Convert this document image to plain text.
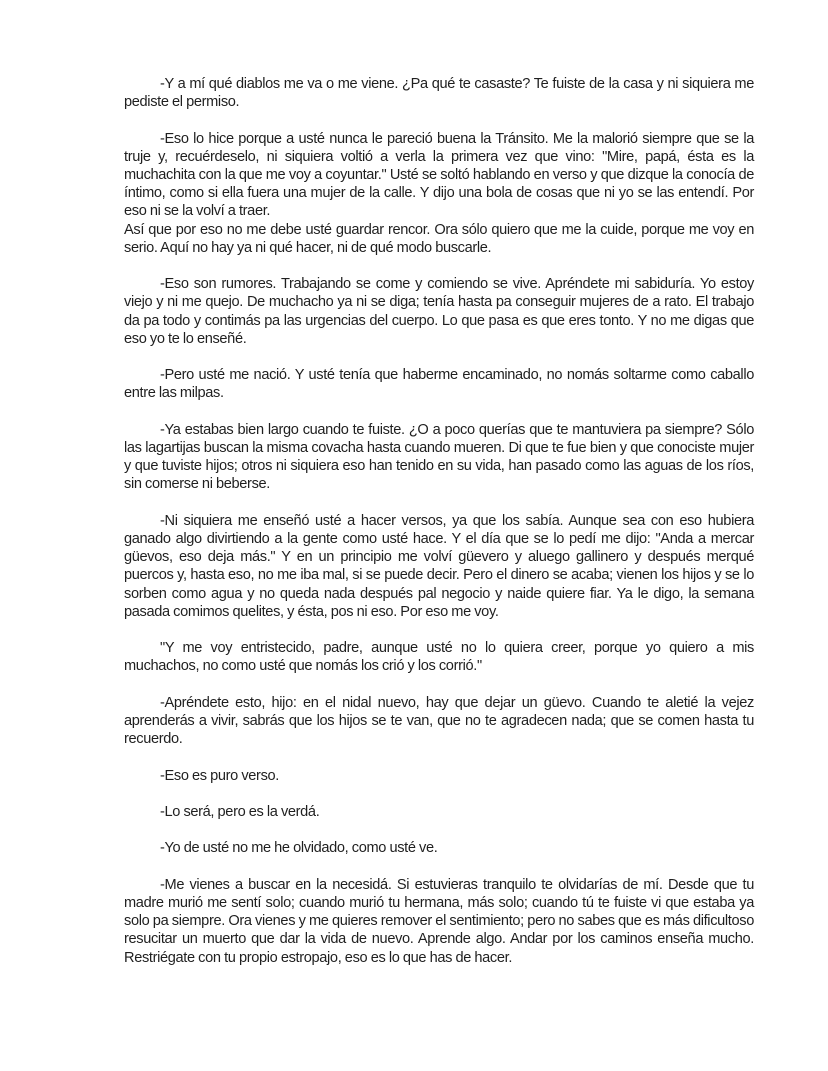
-Y a mí qué diablos me va o me viene. ¿Pa qué te casaste? Te fuiste de la casa y ni siquiera me pediste el permiso.

-Eso lo hice porque a usté nunca le pareció buena la Tránsito. Me la malorió siempre que se la truje y, recuérdeselo, ni siquiera voltió a verla la primera vez que vino: "Mire, papá, ésta es la muchachita con la que me voy a coyuntar." Usté se soltó hablando en verso y que dizque la conocía de íntimo, como si ella fuera una mujer de la calle. Y dijo una bola de cosas que ni yo se las entendí. Por eso ni se la volví a traer.

Así que por eso no me debe usté guardar rencor. Ora sólo quiero que me la cuide, porque me voy en serio. Aquí no hay ya ni qué hacer, ni de qué modo buscarle.

-Eso son rumores. Trabajando se come y comiendo se vive. Apréndete mi sabiduría. Yo estoy viejo y ni me quejo. De muchacho ya ni se diga; tenía hasta pa conseguir mujeres de a rato. El trabajo da pa todo y contimás pa las urgencias del cuerpo. Lo que pasa es que eres tonto. Y no me digas que eso yo te lo enseñé.

-Pero usté me nació. Y usté tenía que haberme encaminado, no nomás soltarme como caballo entre las milpas.

-Ya estabas bien largo cuando te fuiste. ¿O a poco querías que te mantuviera pa siempre? Sólo las lagartijas buscan la misma covacha hasta cuando mueren. Di que te fue bien y que conociste mujer y que tuviste hijos; otros ni siquiera eso han tenido en su vida, han pasado como las aguas de los ríos, sin comerse ni beberse.

-Ni siquiera me enseñó usté a hacer versos, ya que los sabía. Aunque sea con eso hubiera ganado algo divirtiendo a la gente como usté hace. Y el día que se lo pedí me dijo: "Anda a mercar güevos, eso deja más." Y en un principio me volví güevero y aluego gallinero y después merqué puercos y, hasta eso, no me iba mal, si se puede decir. Pero el dinero se acaba; vienen los hijos y se lo sorben como agua y no queda nada después pal negocio y naide quiere fiar. Ya le digo, la semana pasada comimos quelites, y ésta, pos ni eso. Por eso me voy.

"Y me voy entristecido, padre, aunque usté no lo quiera creer, porque yo quiero a mis muchachos, no como usté que nomás los crió y los corrió."

-Apréndete esto, hijo: en el nidal nuevo, hay que dejar un güevo. Cuando te aletié la vejez aprenderás a vivir, sabrás que los hijos se te van, que no te agradecen nada; que se comen hasta tu recuerdo.

-Eso es puro verso.

-Lo será, pero es la verdá.

-Yo de usté no me he olvidado, como usté ve.

-Me vienes a buscar en la necesidá. Si estuvieras tranquilo te olvidarías de mí. Desde que tu madre murió me sentí solo; cuando murió tu hermana, más solo; cuando tú te fuiste vi que estaba ya solo pa siempre. Ora vienes y me quieres remover el sentimiento; pero no sabes que es más dificultoso resucitar un muerto que dar la vida de nuevo. Aprende algo. Andar por los caminos enseña mucho. Restriégate con tu propio estropajo, eso es lo que has de hacer.
